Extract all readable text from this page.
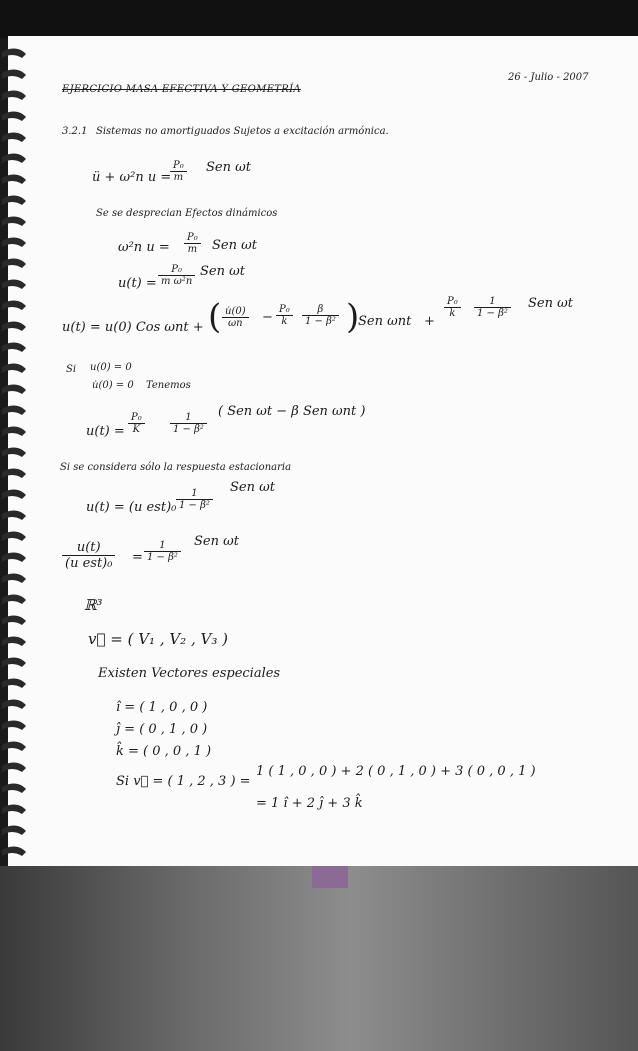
EJERCICIO MASA EFECTIVA Y GEOMETRÍA
26 - Julio - 2007
3.2.1 Sistemas no amortiguados Sujetos a excitación armónica.
ü + ω²n u =
$\frac{\text{P₀}}{m}$ Sen ωt
Se se desprecian Efectos dinámicos
ω²n $u = \frac{\text{P₀}}{m}$ Sen ωt
$u(t) = \frac{\text{P₀}}{\text{m ω²n}}$ Sen ωt
u(t) = u(0) Cos ωnt + ( $\frac{u̇(0)}{\omega n} - \frac{\text{P₀}}{k} \frac{\beta}{\text{1 − β²}}$ )
Sen ωnt +
$\frac{\text{P₀}}{k} \frac{1}{\text{1 − β²}}$ Sen ωt
Si u(0) = 0
u̇(0) = 0 Tenemos
$u(t) = \frac{\text{P₀}}{K}$	$\frac{1}{\text{1 − β²}}$
( Sen ωt − β Sen ωnt )
Si se considera sólo la respuesta estacionaria
u(t) = (u $est)_0 \frac{1}{\text{1 − β²}}$
Sen ωt
u(t)
(u $est)_0 = \frac{1}{\text{1 − β²}}$ Sen ωt
ℝ³
v⃗ = ( V₁ , V₂ , V₃ )
Existen Vectores especiales
î = ( 1 , 0 , 0 )
ĵ = ( 0 , 1 , 0 )
k̂ = ( 0 , 0 , 1 )
Si v⃗ = ( 1 , 2 , 3 ) =
1 ( 1 , 0 , 0 ) + 2 ( 0 , 1 , 0 ) + 3 ( 0 , 0 , 1 )
= 1 î + 2 ĵ + 3 k̂
